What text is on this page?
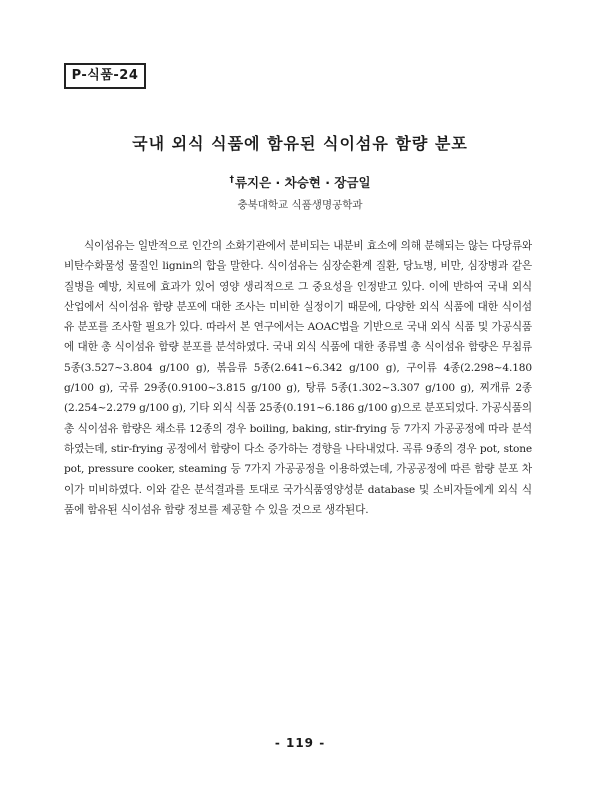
P-식품-24
국내 외식 식품에 함유된 식이섬유 함량 분포
†류지은 · 차승현 · 장금일
충북대학교 식품생명공학과

식이섬유는 일반적으로 인간의 소화기관에서 분비되는 내분비 효소에 의해 분해되는 않는 다당류와 비탄수화물성 물질인 lignin의 합을 말한다. 식이섬유는 심장순환계 질환, 당뇨병, 비만, 심장병과 같은 질병을 예방, 치료에 효과가 있어 영양 생리적으로 그 중요성을 인정받고 있다. 이에 반하여 국내 외식 산업에서 식이섬유 함량 분포에 대한 조사는 미비한 실정이기 때문에, 다양한 외식 식품에 대한 식이섬유 분포를 조사할 필요가 있다. 따라서 본 연구에서는 AOAC법을 기반으로 국내 외식 식품 및 가공식품에 대한 총 식이섬유 함량 분포를 분석하였다. 국내 외식 식품에 대한 종류별 총 식이섬유 함량은 무침류 5종(3.527~3.804 g/100 g), 볶음류 5종(2.641~6.342 g/100 g), 구이류 4종(2.298~4.180 g/100 g), 국류 29종(0.9100~3.815 g/100 g), 탕류 5종(1.302~3.307 g/100 g), 찌개류 2종(2.254~2.279 g/100 g), 기타 외식 식품 25종(0.191~6.186 g/100 g)으로 분포되었다. 가공식품의 총 식이섬유 함량은 채소류 12종의 경우 boiling, baking, stir-frying 등 7가지 가공공정에 따라 분석하였는데, stir-frying 공정에서 함량이 다소 증가하는 경향을 나타내었다. 곡류 9종의 경우 pot, stone pot, pressure cooker, steaming 등 7가지 가공공정을 이용하였는데, 가공공정에 따른 함량 분포 차이가 미비하였다. 이와 같은 분석결과를 토대로 국가식품영양성분 database 및 소비자들에게 외식 식품에 함유된 식이섬유 함량 정보를 제공할 수 있을 것으로 생각된다.

- 119 -
